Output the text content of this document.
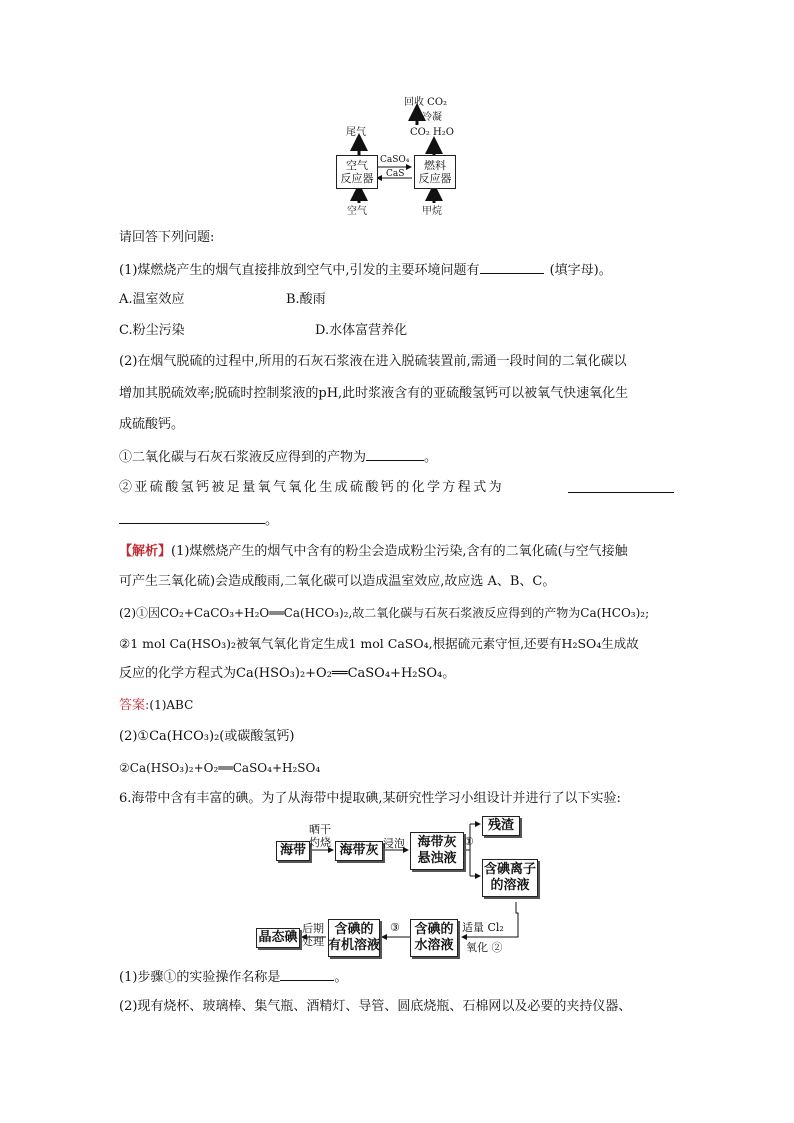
回收 CO₂
冷凝
CO₂ H₂O
尾气
空气
反应器
燃料
反应器
CaSO₄
CaS
空气	甲烷
请回答下列问题:
(1)煤燃烧产生的烟气直接排放到空气中,引发的主要环境问题有	(填字母)。
A.温室效应	B.酸雨
C.粉尘污染	D.水体富营养化
(2)在烟气脱硫的过程中,所用的石灰石浆液在进入脱硫装置前,需通一段时间的二氧化碳以
增加其脱硫效率;脱硫时控制浆液的pH,此时浆液含有的亚硫酸氢钙可以被氧气快速氧化生
成硫酸钙。
①二氧化碳与石灰石浆液反应得到的产物为	。
②亚硫酸氢钙被足量氧气氧化生成硫酸钙的化学方程式为
。
【解析】(1)煤燃烧产生的烟气中含有的粉尘会造成粉尘污染,含有的二氧化硫(与空气接触
可产生三氧化硫)会造成酸雨,二氧化碳可以造成温室效应,故应选 A、B、C。
(2)①因CO₂+CaCO₃+H₂O══Ca(HCO₃)₂,故二氧化碳与石灰石浆液反应得到的产物为Ca(HCO₃)₂;
②1 mol Ca(HSO₃)₂被氧气氧化肯定生成1 mol CaSO₄,根据硫元素守恒,还要有H₂SO₄生成故
反应的化学方程式为Ca(HSO₃)₂+O₂══CaSO₄+H₂SO₄。
答案:(1)ABC
(2)①Ca(HCO₃)₂(或碳酸氢钙)
②Ca(HSO₃)₂+O₂══CaSO₄+H₂SO₄
6.海带中含有丰富的碘。为了从海带中提取碘,某研究性学习小组设计并进行了以下实验:
海带
晒干
灼烧
海带灰 浸泡 海带灰
悬浊液
①
残渣
含碘离子
的溶液
适量 Cl₂
氧化 ②
含碘的
水溶液
③
含碘的
有机溶液
后期
处理
晶态碘
(1)步骤①的实验操作名称是	。
(2)现有烧杯、玻璃棒、集气瓶、酒精灯、导管、圆底烧瓶、石棉网以及必要的夹持仪器、
